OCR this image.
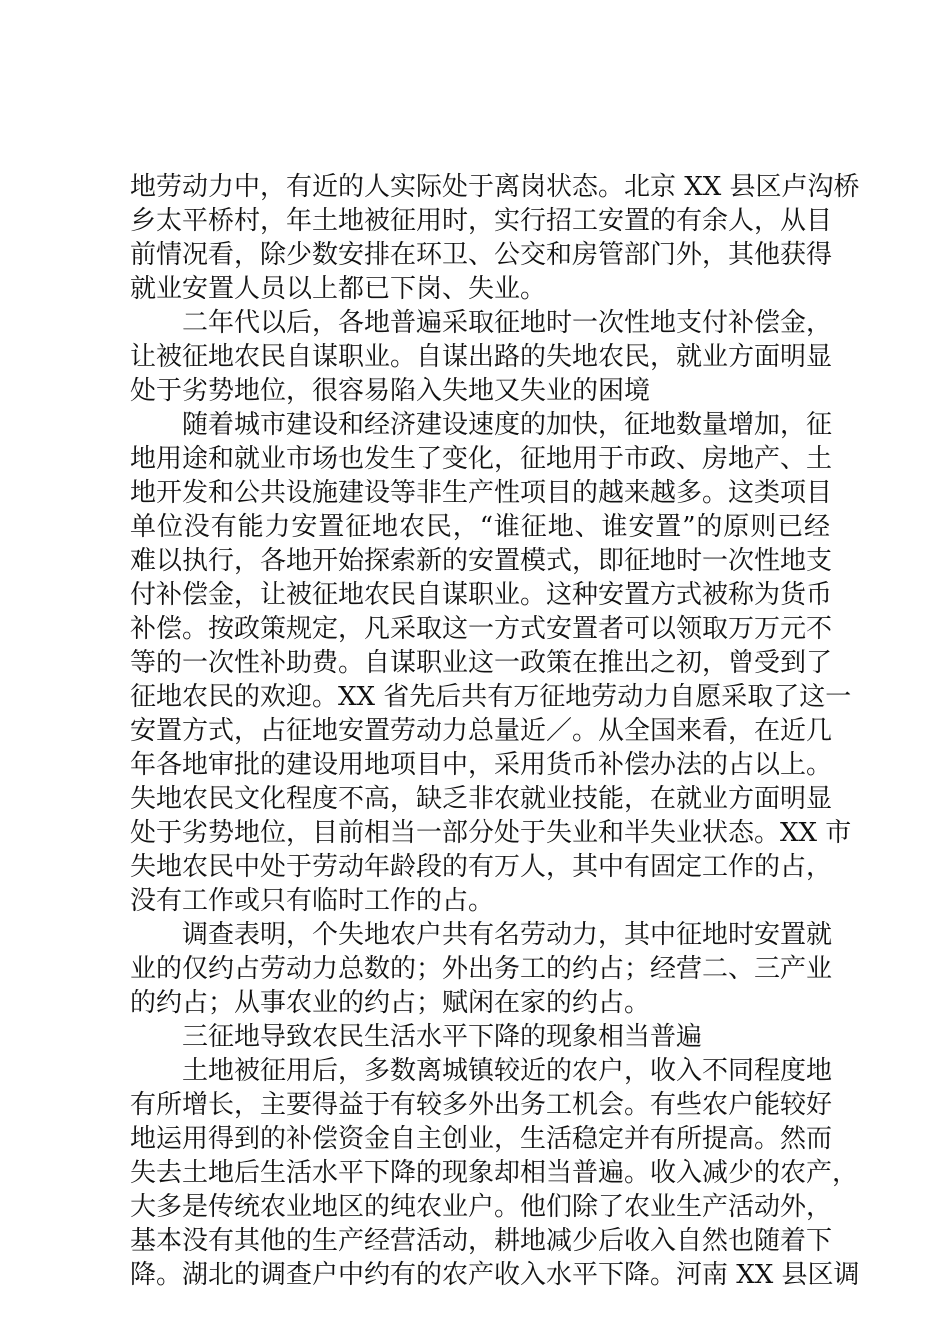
地劳动力中，有近的人实际处于离岗状态。北京 XX 县区卢沟桥
乡太平桥村，年土地被征用时，实行招工安置的有余人，从目
前情况看，除少数安排在环卫、公交和房管部门外，其他获得
就业安置人员以上都已下岗、失业。
二年代以后，各地普遍采取征地时一次性地支付补偿金，
让被征地农民自谋职业。自谋出路的失地农民，就业方面明显
处于劣势地位，很容易陷入失地又失业的困境
随着城市建设和经济建设速度的加快，征地数量增加，征
地用途和就业市场也发生了变化，征地用于市政、房地产、土
地开发和公共设施建设等非生产性项目的越来越多。这类项目
单位没有能力安置征地农民，“谁征地、谁安置”的原则已经
难以执行，各地开始探索新的安置模式，即征地时一次性地支
付补偿金，让被征地农民自谋职业。这种安置方式被称为货币
补偿。按政策规定，凡采取这一方式安置者可以领取万万元不
等的一次性补助费。自谋职业这一政策在推出之初，曾受到了
征地农民的欢迎。XX 省先后共有万征地劳动力自愿采取了这一
安置方式，占征地安置劳动力总量近／。从全国来看，在近几
年各地审批的建设用地项目中，采用货币补偿办法的占以上。
失地农民文化程度不高，缺乏非农就业技能，在就业方面明显
处于劣势地位，目前相当一部分处于失业和半失业状态。XX 市
失地农民中处于劳动年龄段的有万人，其中有固定工作的占，
没有工作或只有临时工作的占。
调查表明，个失地农户共有名劳动力，其中征地时安置就
业的仅约占劳动力总数的；外出务工的约占；经营二、三产业
的约占；从事农业的约占；赋闲在家的约占。
三征地导致农民生活水平下降的现象相当普遍
土地被征用后，多数离城镇较近的农户，收入不同程度地
有所增长，主要得益于有较多外出务工机会。有些农户能较好
地运用得到的补偿资金自主创业，生活稳定并有所提高。然而
失去土地后生活水平下降的现象却相当普遍。收入减少的农产，
大多是传统农业地区的纯农业户。他们除了农业生产活动外，
基本没有其他的生产经营活动，耕地减少后收入自然也随着下
降。湖北的调查户中约有的农产收入水平下降。河南 XX 县区调
